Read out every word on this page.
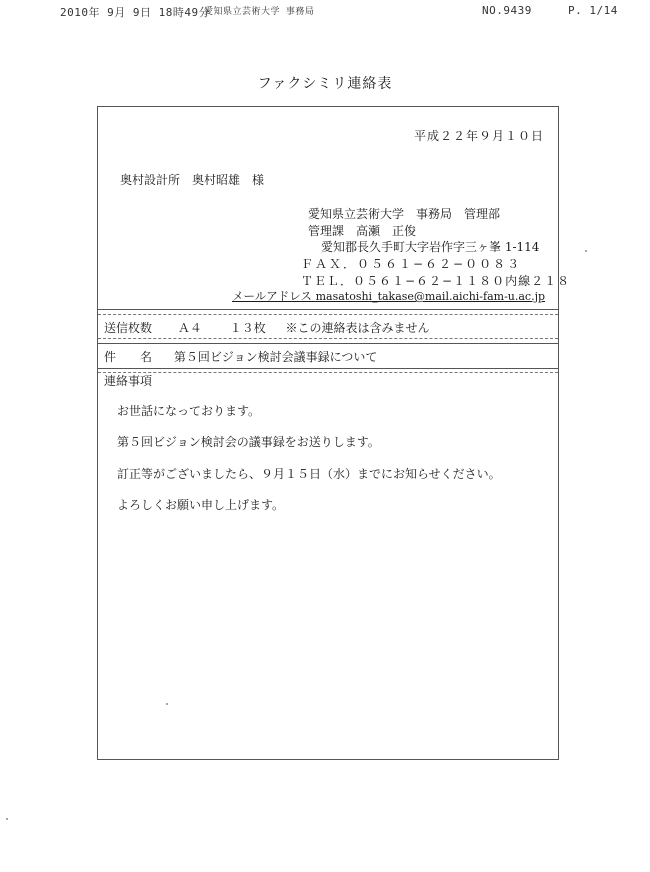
2010年 9月 9日 18時49分
愛知県立芸術大学 事務局	NO.9439	P. 1/14
ファクシミリ連絡表
平成２２年９月１０日
奥村設計所　奥村昭雄　様
愛知県立芸術大学　事務局　管理部
管理課　高瀬　正俊
愛知郡長久手町大字岩作字三ヶ峯 1-114
ＦＡＸ．０５６１−６２−００８３
ＴＥＬ．０５６１−６２−１１８０内線２１８
メールアドレス masatoshi_takase@mail.aichi-fam-u.ac.jp
送信枚数 Ａ４ １３枚 ※この連絡表は含みません
件　　名 第５回ビジョン検討会議事録について
連絡事項
お世話になっております。
第５回ビジョン検討会の議事録をお送りします。
訂正等がございましたら、９月１５日（水）までにお知らせください。
よろしくお願い申し上げます。
